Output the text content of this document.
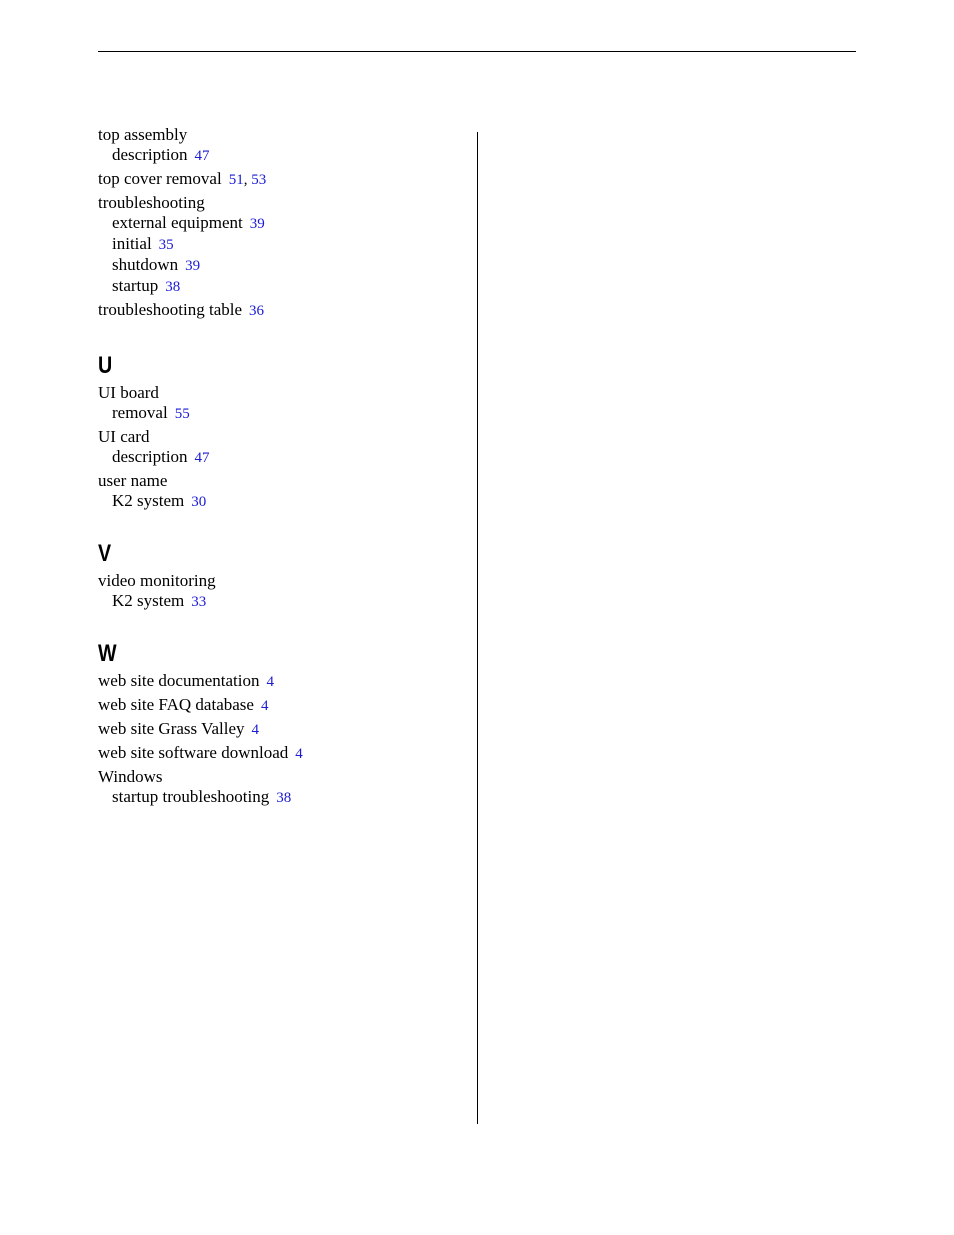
top assembly
description 47
top cover removal 51, 53
troubleshooting
external equipment 39
initial 35
shutdown 39
startup 38
troubleshooting table 36
U
UI board
removal 55
UI card
description 47
user name
K2 system 30
V
video monitoring
K2 system 33
W
web site documentation 4
web site FAQ database 4
web site Grass Valley 4
web site software download 4
Windows
startup troubleshooting 38
